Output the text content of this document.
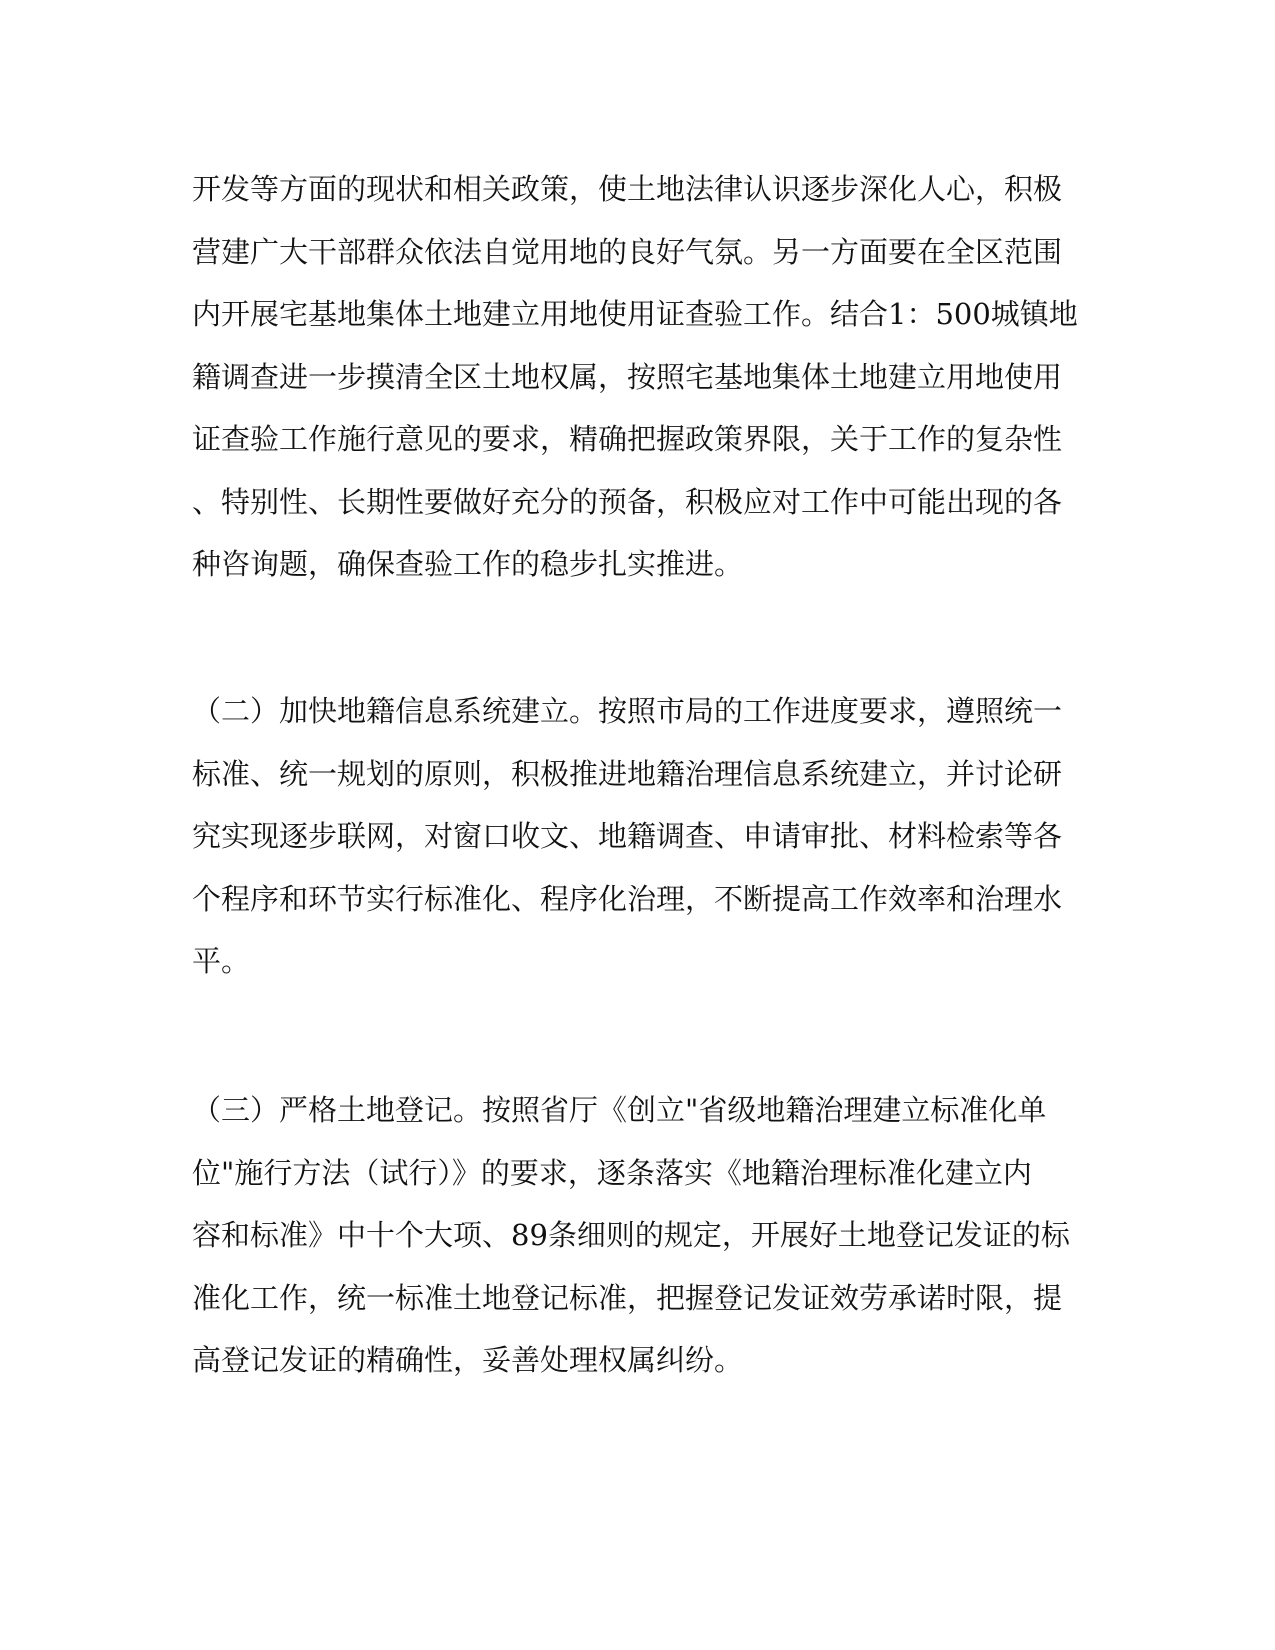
开发等方面的现状和相关政策，使土地法律认识逐步深化人心，积极
营建广大干部群众依法自觉用地的良好气氛。另一方面要在全区范围
内开展宅基地集体土地建立用地使用证查验工作。结合1：500城镇地
籍调查进一步摸清全区土地权属，按照宅基地集体土地建立用地使用
证查验工作施行意见的要求，精确把握政策界限，关于工作的复杂性
、特别性、长期性要做好充分的预备，积极应对工作中可能出现的各
种咨询题，确保查验工作的稳步扎实推进。
（二）加快地籍信息系统建立。按照市局的工作进度要求，遵照统一
标准、统一规划的原则，积极推进地籍治理信息系统建立，并讨论研
究实现逐步联网，对窗口收文、地籍调查、申请审批、材料检索等各
个程序和环节实行标准化、程序化治理，不断提高工作效率和治理水
平。
（三）严格土地登记。按照省厅《创立"省级地籍治理建立标准化单
位"施行方法（试行）》的要求，逐条落实《地籍治理标准化建立内
容和标准》中十个大项、89条细则的规定，开展好土地登记发证的标
准化工作，统一标准土地登记标准，把握登记发证效劳承诺时限，提
高登记发证的精确性，妥善处理权属纠纷。
